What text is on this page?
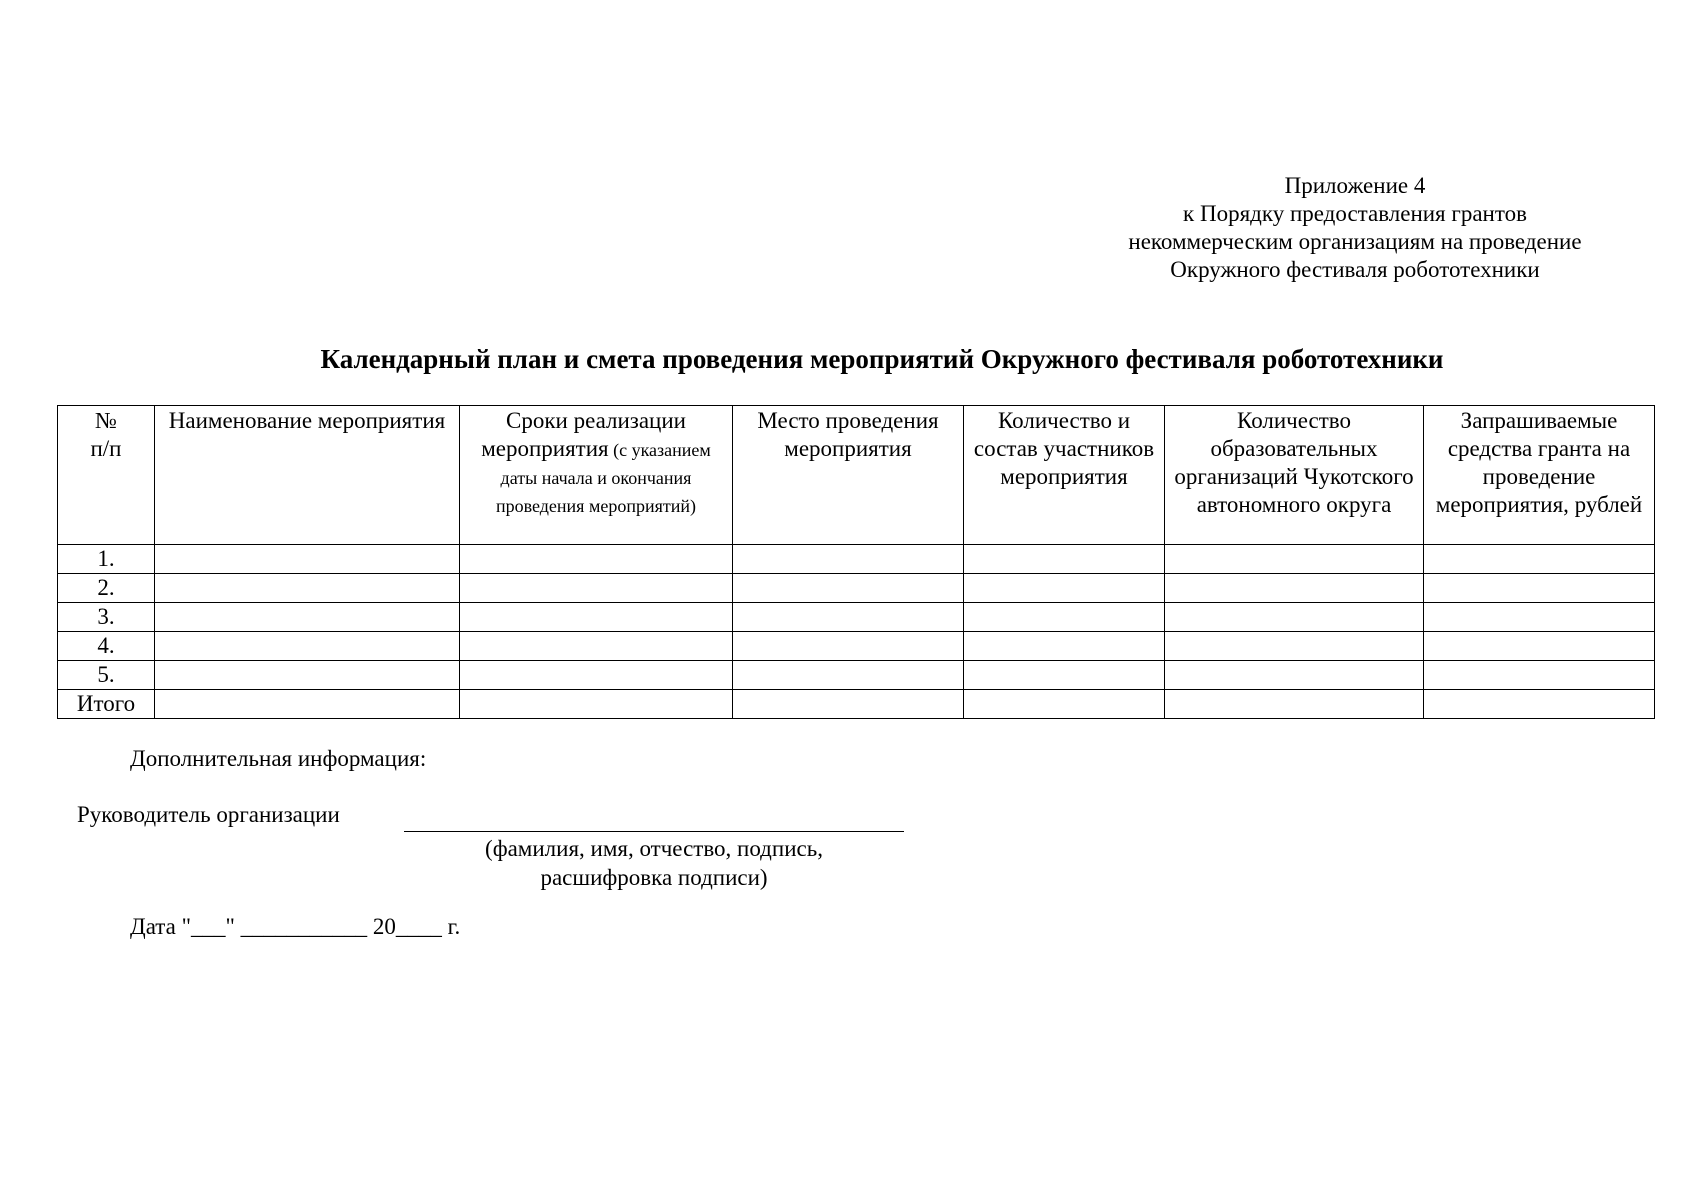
Приложение 4
к Порядку предоставления грантов
некоммерческим организациям на проведение
Окружного фестиваля робототехники
Календарный план и смета проведения мероприятий Окружного фестиваля робототехники
№ п/п	Наименование мероприятия	Сроки реализации мероприятия (с указанием даты начала и окончания проведения мероприятий)	Место проведения мероприятия	Количество и состав участников мероприятия	Количество образовательных организаций Чукотского автономного округа	Запрашиваемые средства гранта на проведение мероприятия, рублей
1.						
2.						
3.						
4.						
5.						
Итого						
Дополнительная информация:
Руководитель организации
(фамилия, имя, отчество, подпись,
расшифровка подписи)
Дата "___" ___________ 20____ г.
